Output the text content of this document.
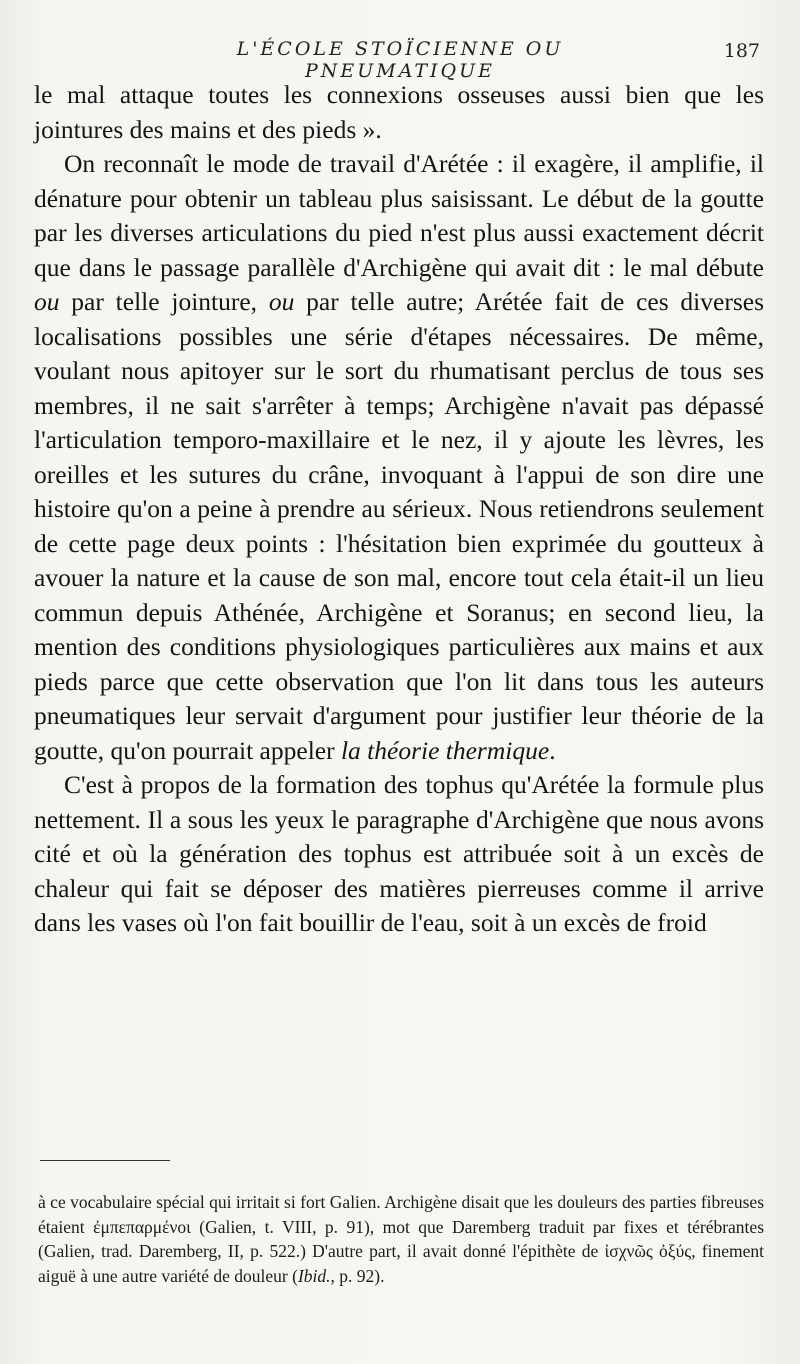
L'ÉCOLE STOÏCIENNE OU PNEUMATIQUE
187

le mal attaque toutes les connexions osseuses aussi bien que les jointures des mains et des pieds ».

On reconnaît le mode de travail d'Arétée : il exagère, il amplifie, il dénature pour obtenir un tableau plus saisissant. Le début de la goutte par les diverses articulations du pied n'est plus aussi exactement décrit que dans le passage parallèle d'Archigène qui avait dit : le mal débute ou par telle jointure, ou par telle autre; Arétée fait de ces diverses localisations possibles une série d'étapes nécessaires. De même, voulant nous apitoyer sur le sort du rhumatisant perclus de tous ses membres, il ne sait s'arrêter à temps; Archigène n'avait pas dépassé l'articulation temporo-maxillaire et le nez, il y ajoute les lèvres, les oreilles et les sutures du crâne, invoquant à l'appui de son dire une histoire qu'on a peine à prendre au sérieux. Nous retiendrons seulement de cette page deux points : l'hésitation bien exprimée du goutteux à avouer la nature et la cause de son mal, encore tout cela était-il un lieu commun depuis Athénée, Archigène et Soranus; en second lieu, la mention des conditions physiologiques particulières aux mains et aux pieds parce que cette observation que l'on lit dans tous les auteurs pneumatiques leur servait d'argument pour justifier leur théorie de la goutte, qu'on pourrait appeler la théorie thermique.

C'est à propos de la formation des tophus qu'Arétée la formule plus nettement. Il a sous les yeux le paragraphe d'Archigène que nous avons cité et où la génération des tophus est attribuée soit à un excès de chaleur qui fait se déposer des matières pierreuses comme il arrive dans les vases où l'on fait bouillir de l'eau, soit à un excès de froid

à ce vocabulaire spécial qui irritait si fort Galien. Archigène disait que les douleurs des parties fibreuses étaient ἐμπεπαρμένοι (Galien, t. VIII, p. 91), mot que Daremberg traduit par fixes et térébrantes (Galien, trad. Daremberg, II, p. 522.) D'autre part, il avait donné l'épithète de ἰσχνῶς ὀξύς, finement aiguë à une autre variété de douleur (Ibid., p. 92).
